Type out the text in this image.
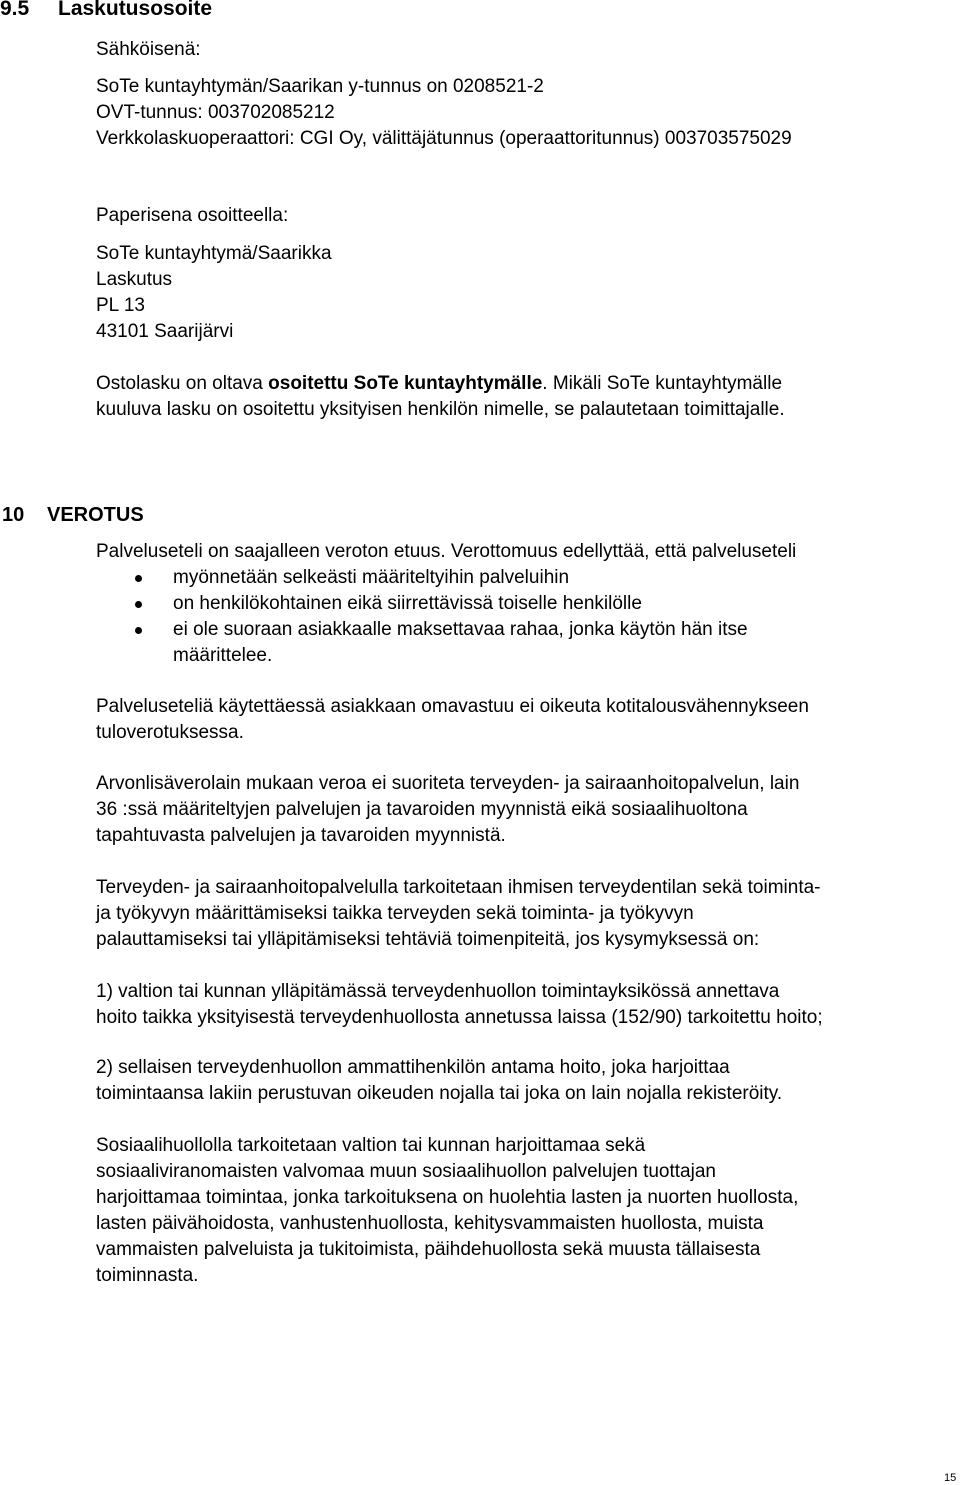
9.5 Laskutusosoite
Sähköisenä:
SoTe kuntayhtymän/Saarikan y-tunnus on 0208521-2
OVT-tunnus: 003702085212
Verkkolaskuoperaattori: CGI Oy, välittäjätunnus (operaattoritunnus) 003703575029
Paperisena osoitteella:
SoTe kuntayhtymä/Saarikka
Laskutus
PL 13
43101 Saarijärvi
Ostolasku on oltava osoitettu SoTe kuntayhtymälle. Mikäli SoTe kuntayhtymälle
kuuluva lasku on osoitettu yksityisen henkilön nimelle, se palautetaan toimittajalle.
10 VEROTUS
Palveluseteli on saajalleen veroton etuus. Verottomuus edellyttää, että palveluseteli
myönnetään selkeästi määriteltyihin palveluihin
on henkilökohtainen eikä siirrettävissä toiselle henkilölle
ei ole suoraan asiakkaalle maksettavaa rahaa, jonka käytön hän itse
määrittelee.
Palveluseteliä käytettäessä asiakkaan omavastuu ei oikeuta kotitalousvähennykseen
tuloverotuksessa.
Arvonlisäverolain mukaan veroa ei suoriteta terveyden- ja sairaanhoitopalvelun, lain
36 :ssä määriteltyjen palvelujen ja tavaroiden myynnistä eikä sosiaalihuoltona
tapahtuvasta palvelujen ja tavaroiden myynnistä.
Terveyden- ja sairaanhoitopalvelulla tarkoitetaan ihmisen terveydentilan sekä toiminta-
ja työkyvyn määrittämiseksi taikka terveyden sekä toiminta- ja työkyvyn
palauttamiseksi tai ylläpitämiseksi tehtäviä toimenpiteitä, jos kysymyksessä on:
1) valtion tai kunnan ylläpitämässä terveydenhuollon toimintayksikössä annettava
hoito taikka yksityisestä terveydenhuollosta annetussa laissa (152/90) tarkoitettu hoito;
2) sellaisen terveydenhuollon ammattihenkilön antama hoito, joka harjoittaa
toimintaansa lakiin perustuvan oikeuden nojalla tai joka on lain nojalla rekisteröity.
Sosiaalihuollolla tarkoitetaan valtion tai kunnan harjoittamaa sekä
sosiaaliviranomaisten valvomaa muun sosiaalihuollon palvelujen tuottajan
harjoittamaa toimintaa, jonka tarkoituksena on huolehtia lasten ja nuorten huollosta,
lasten päivähoidosta, vanhustenhuollosta, kehitysvammaisten huollosta, muista
vammaisten palveluista ja tukitoimista, päihdehuollosta sekä muusta tällaisesta
toiminnasta.
15
